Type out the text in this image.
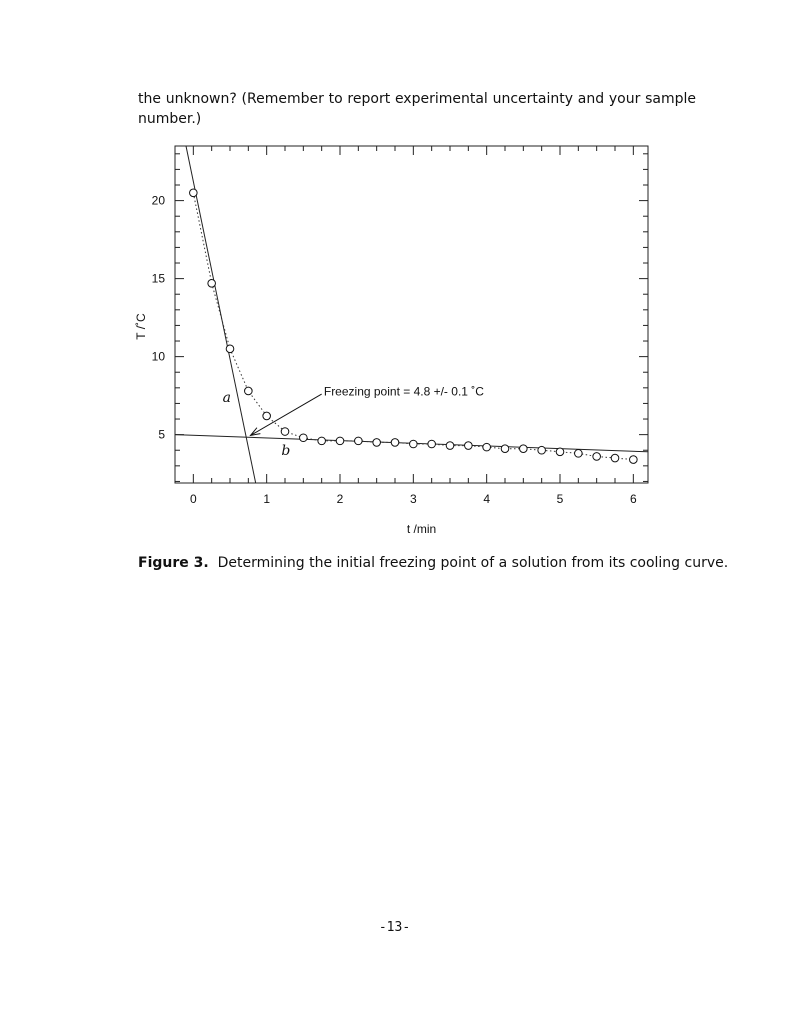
the unknown? (Remember to report experimental uncertainty and your sample
number.)
0	1	2	3	4	5	6
5
10
15
20
t /min
T /˚C
a
b
Freezing point = 4.8 +/- 0.1 ˚C
Figure 3. Determining the initial freezing point of a solution from its cooling curve.
-13-
